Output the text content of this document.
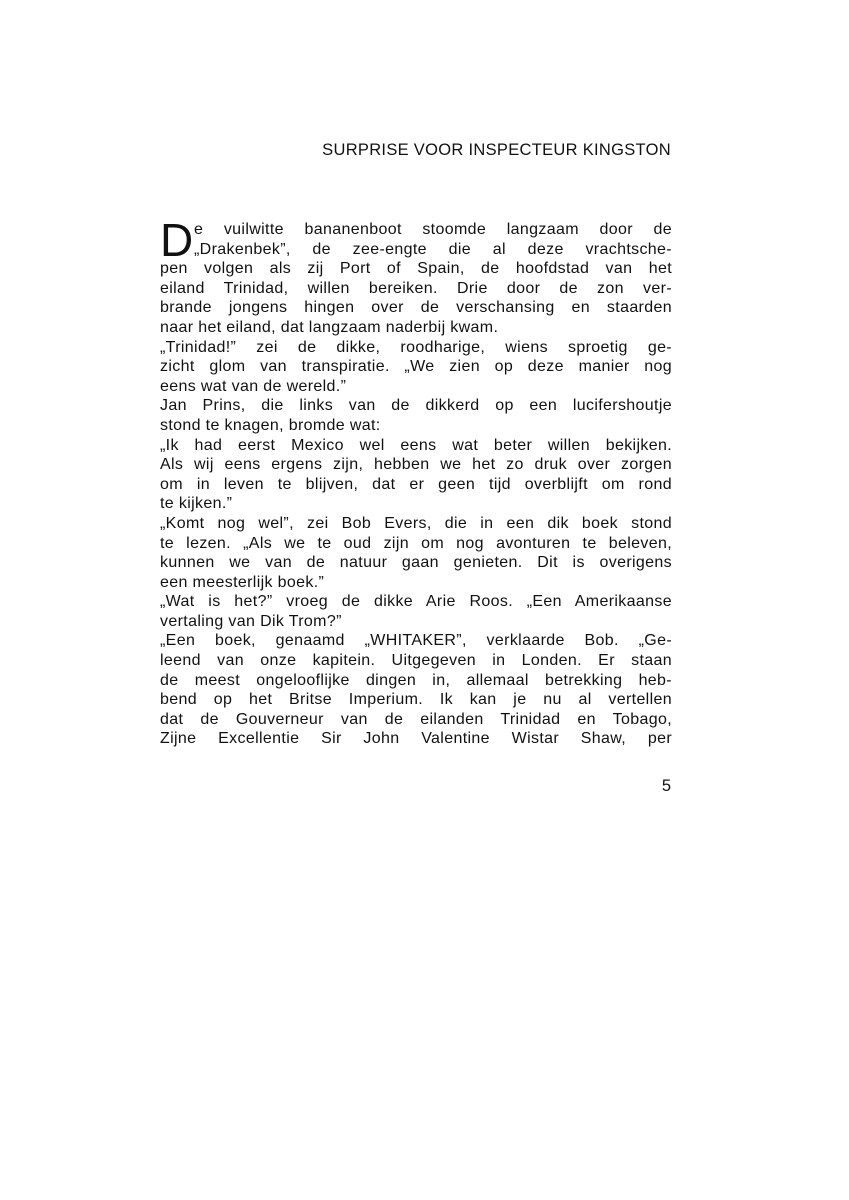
SURPRISE VOOR INSPECTEUR KINGSTON
D e vuilwitte bananenboot stoomde langzaam door de
„Drakenbek”, de zee-engte die al deze vrachtsche-
pen volgen als zij Port of Spain, de hoofdstad van het
eiland Trinidad, willen bereiken. Drie door de zon ver-
brande jongens hingen over de verschansing en staarden
naar het eiland, dat langzaam naderbij kwam.
„Trinidad!” zei de dikke, roodharige, wiens sproetig ge-
zicht glom van transpiratie. „We zien op deze manier nog
eens wat van de wereld.”
Jan Prins, die links van de dikkerd op een lucifershoutje
stond te knagen, bromde wat:
„Ik had eerst Mexico wel eens wat beter willen bekijken.
Als wij eens ergens zijn, hebben we het zo druk over zorgen
om in leven te blijven, dat er geen tijd overblijft om rond
te kijken.”
„Komt nog wel”, zei Bob Evers, die in een dik boek stond
te lezen. „Als we te oud zijn om nog avonturen te beleven,
kunnen we van de natuur gaan genieten. Dit is overigens
een meesterlijk boek.”
„Wat is het?” vroeg de dikke Arie Roos. „Een Amerikaanse
vertaling van Dik Trom?”
„Een boek, genaamd „WHITAKER”, verklaarde Bob. „Ge-
leend van onze kapitein. Uitgegeven in Londen. Er staan
de meest ongelooflijke dingen in, allemaal betrekking heb-
bend op het Britse Imperium. Ik kan je nu al vertellen
dat de Gouverneur van de eilanden Trinidad en Tobago,
Zijne Excellentie Sir John Valentine Wistar Shaw, per
5
